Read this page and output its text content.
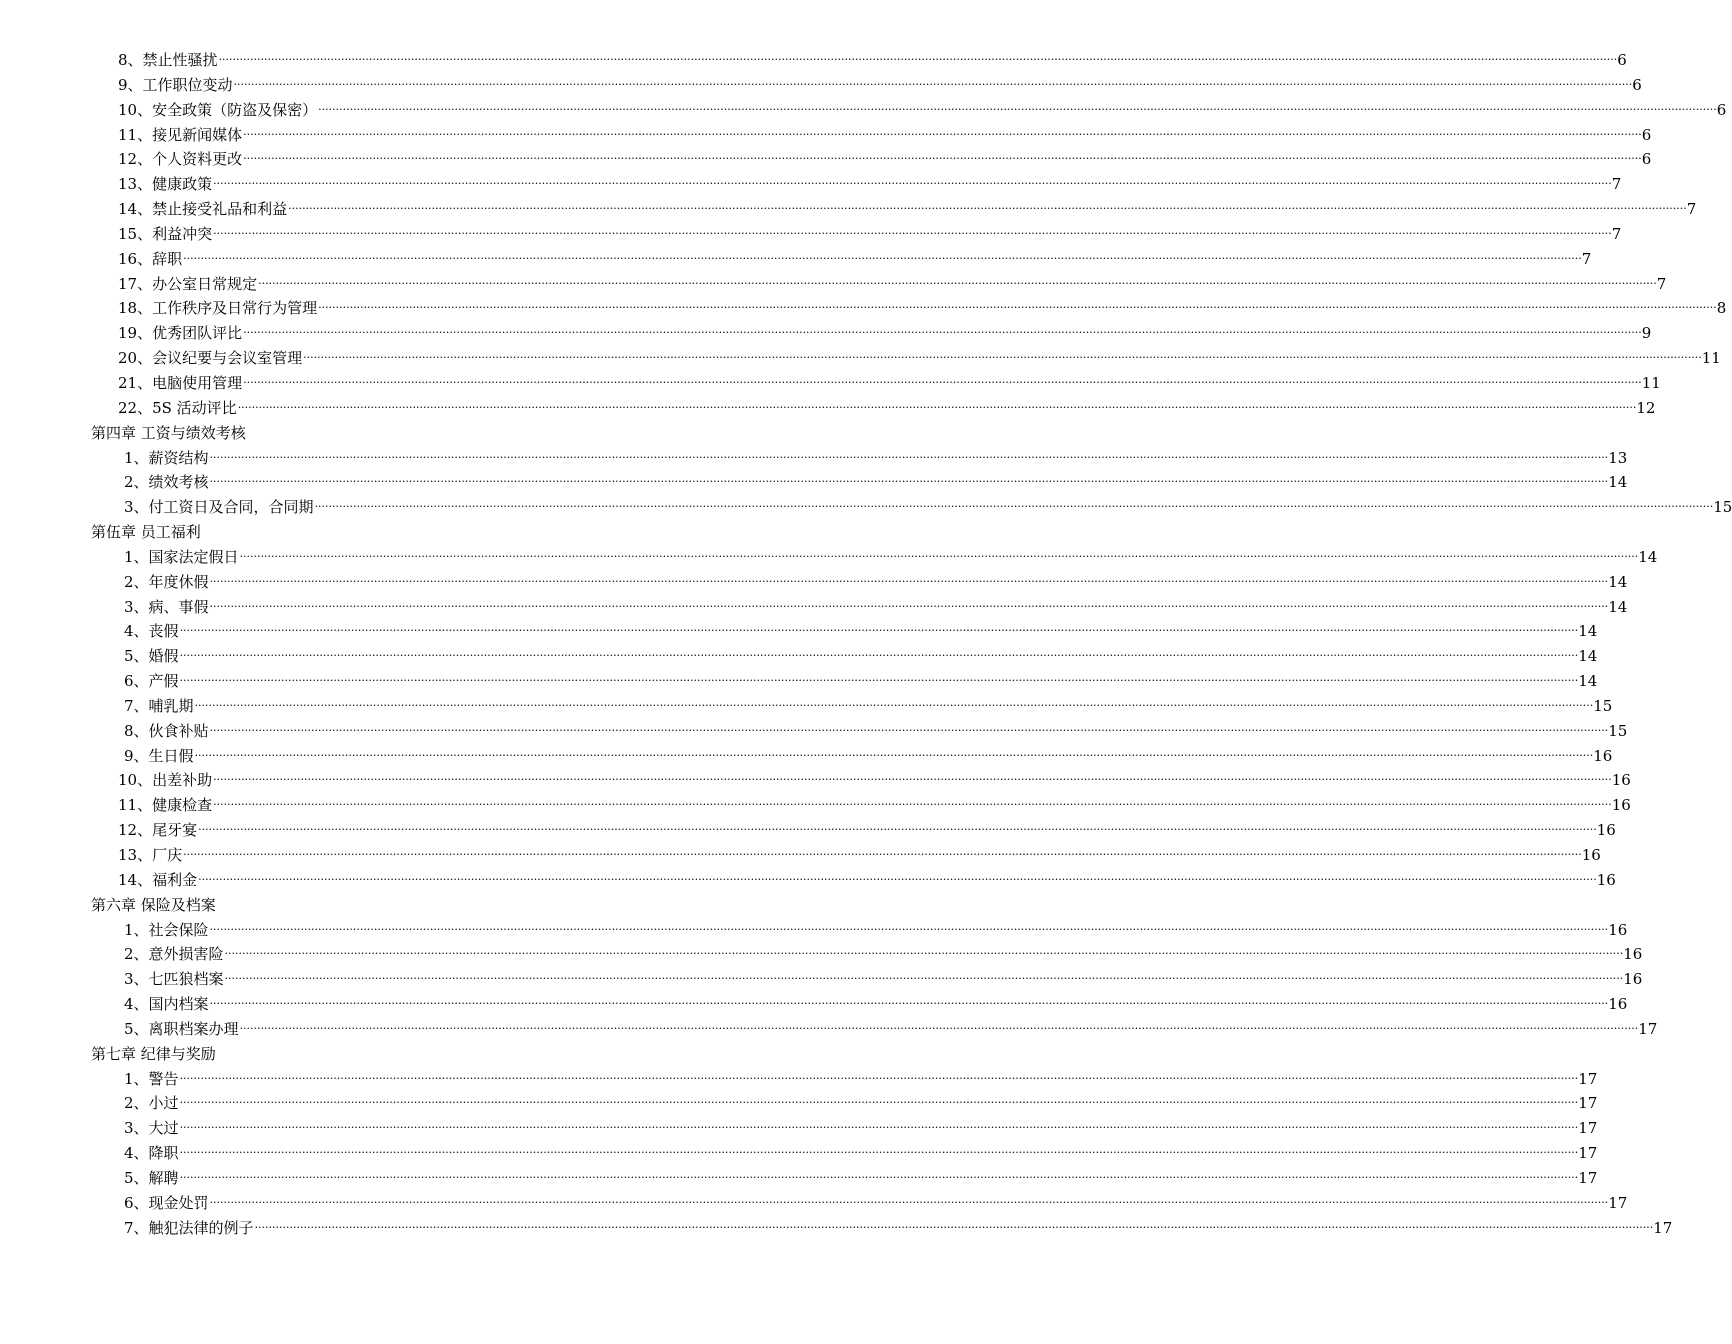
8、 禁止性骚扰 ················································································································································································································································································································································································································ 6
9、 工作职位变动 ················································································································································································································································································································································································································ 6
10、 安全政策（防盗及保密） ················································································································································································································································································································································································································ 6
11、 接见新闻媒体 ················································································································································································································································································································································································································ 6
12、 个人资料更改 ················································································································································································································································································································································································································ 6
13、 健康政策 ················································································································································································································································································································································································································ 7
14、 禁止接受礼品和利益 ················································································································································································································································································································································································································ 7
15、 利益冲突 ················································································································································································································································································································································································································ 7
16、 辞职 ················································································································································································································································································································································································································ 7
17、 办公室日常规定 ················································································································································································································································································································································································································ 7
18、 工作秩序及日常行为管理 ················································································································································································································································································································································································································ 8
19、 优秀团队评比 ················································································································································································································································································································································································································ 9
20、 会议纪要与会议室管理 ················································································································································································································································································································································································································ 11
21、 电脑使用管理 ················································································································································································································································································································································································································ 11
22、 5S 活动评比 ················································································································································································································································································································································································································ 12
第四章 工资与绩效考核
1、 薪资结构 ················································································································································································································································································································································································································ 13
2、 绩效考核 ················································································································································································································································································································································································································ 14
3、 付工资日及合同，合同期 ················································································································································································································································································································································································································ 15
第伍章 员工福利
1、 国家法定假日 ················································································································································································································································································································································································································ 14
2、 年度休假 ················································································································································································································································································································································································································ 14
3、 病、事假 ················································································································································································································································································································································································································ 14
4、 丧假 ················································································································································································································································································································································································································ 14
5、 婚假 ················································································································································································································································································································································································································ 14
6、 产假 ················································································································································································································································································································································································································ 14
7、 哺乳期 ················································································································································································································································································································································································································ 15
8、 伙食补贴 ················································································································································································································································································································································································································ 15
9、 生日假 ················································································································································································································································································································································································································ 16
10、 出差补助 ················································································································································································································································································································································································································ 16
11、 健康检查 ················································································································································································································································································································································································································ 16
12、 尾牙宴 ················································································································································································································································································································································································································ 16
13、 厂庆 ················································································································································································································································································································································································································ 16
14、 福利金 ················································································································································································································································································································································································································ 16
第六章 保险及档案
1、 社会保险 ················································································································································································································································································································································································································ 16
2、 意外损害险 ················································································································································································································································································································································································································ 16
3、 七匹狼档案 ················································································································································································································································································································································································································ 16
4、 国内档案 ················································································································································································································································································································································································································ 16
5、 离职档案办理 ················································································································································································································································································································································································································ 17
第七章 纪律与奖励
1、 警告 ················································································································································································································································································································································································································ 17
2、 小过 ················································································································································································································································································································································································································ 17
3、 大过 ················································································································································································································································································································································································································ 17
4、 降职 ················································································································································································································································································································································································································ 17
5、 解聘 ················································································································································································································································································································································································································ 17
6、 现金处罚 ················································································································································································································································································································································································································ 17
7、 触犯法律的例子 ················································································································································································································································································································································································································ 17
